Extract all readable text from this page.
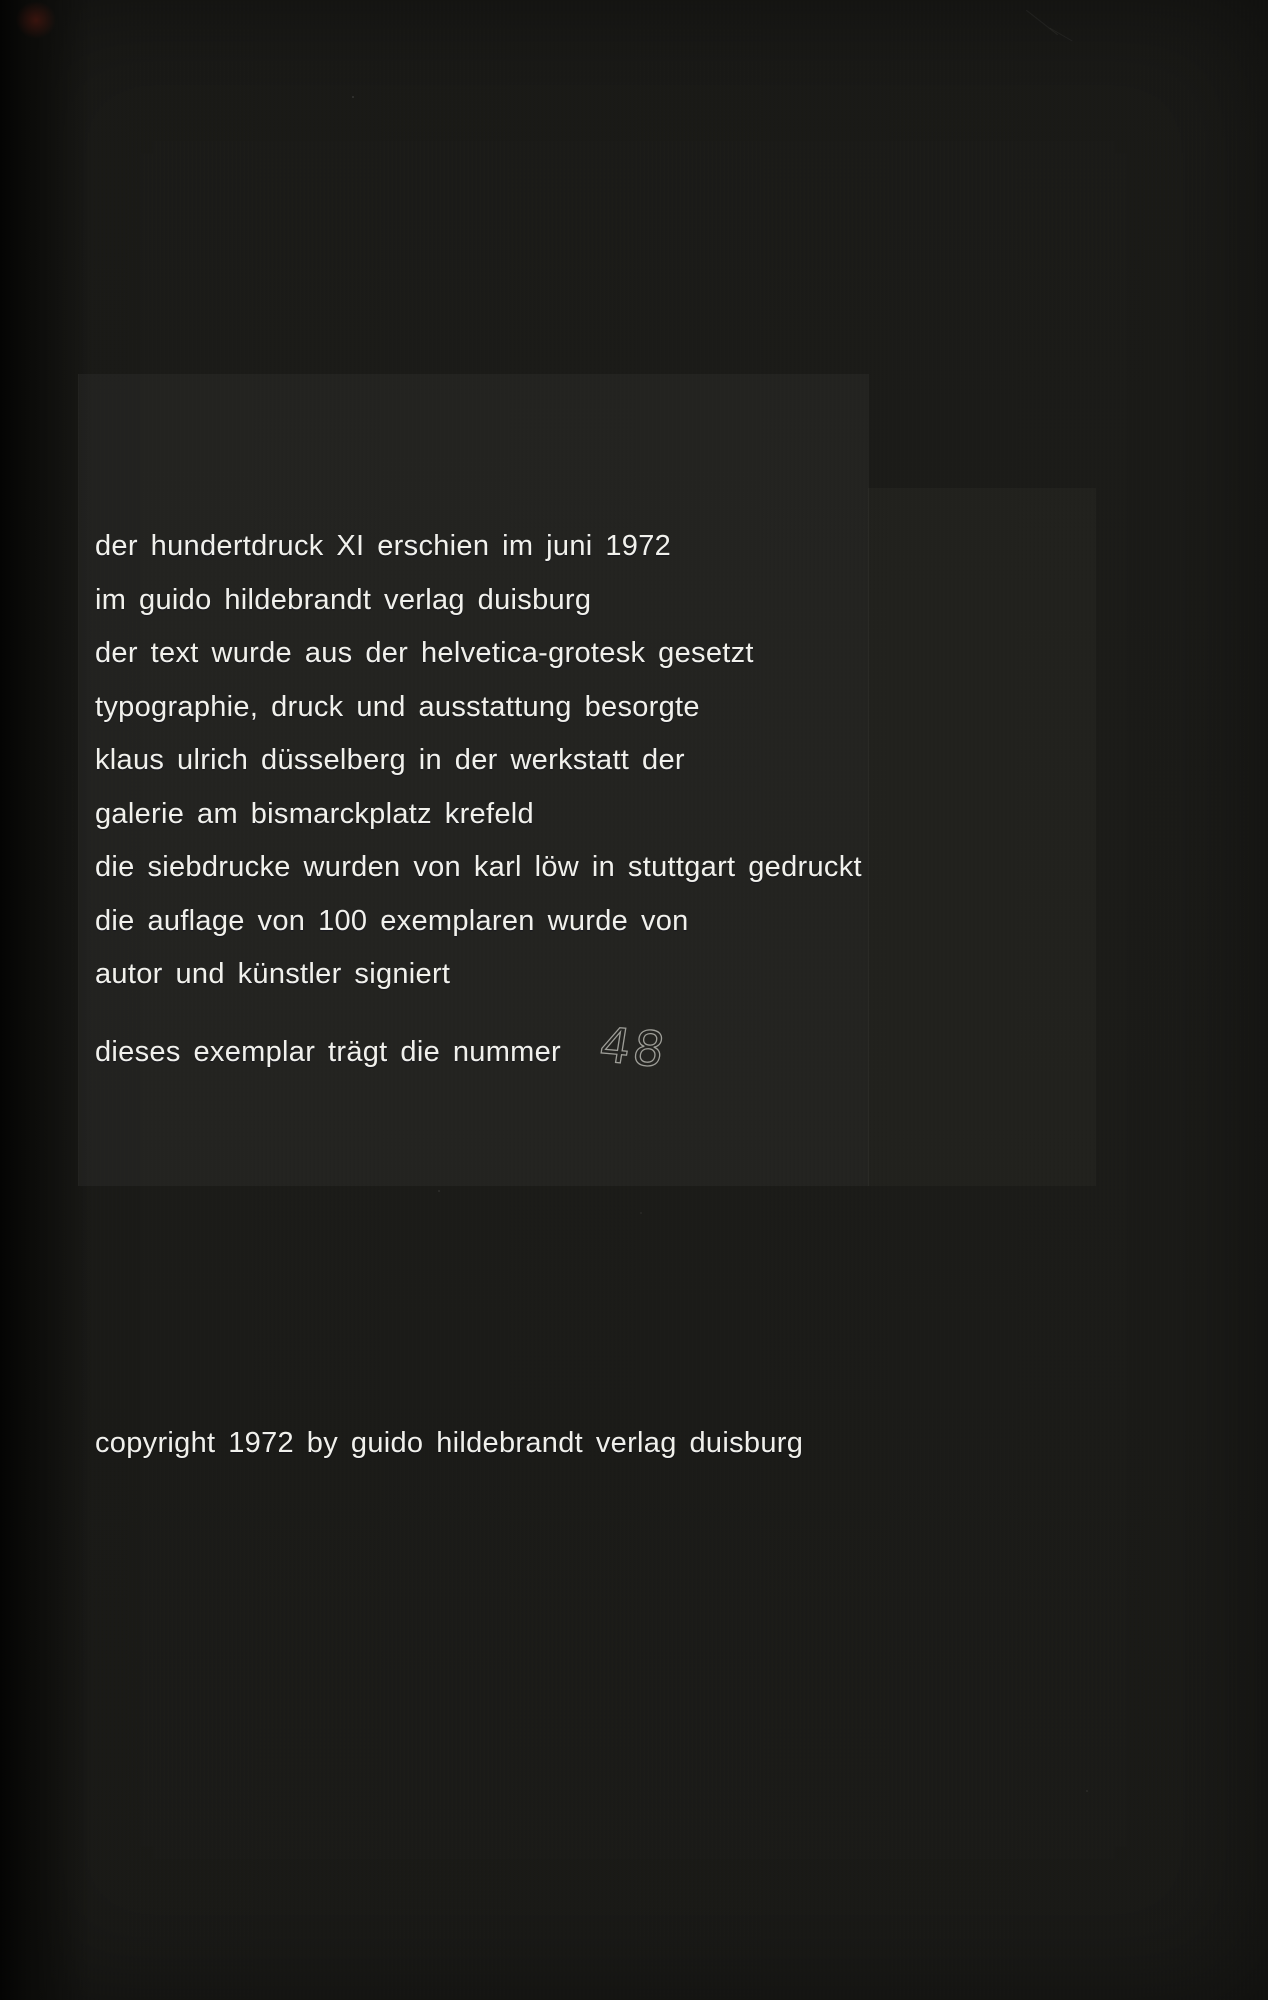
der hundertdruck XI erschien im juni 1972
im guido hildebrandt verlag duisburg
der text wurde aus der helvetica-grotesk gesetzt
typographie, druck und ausstattung besorgte
klaus ulrich düsselberg in der werkstatt der
galerie am bismarckplatz krefeld
die siebdrucke wurden von karl löw in stuttgart gedruckt
die auflage von 100 exemplaren wurde von
autor und künstler signiert
dieses exemplar trägt die nummer 48
copyright 1972 by guido hildebrandt verlag duisburg
